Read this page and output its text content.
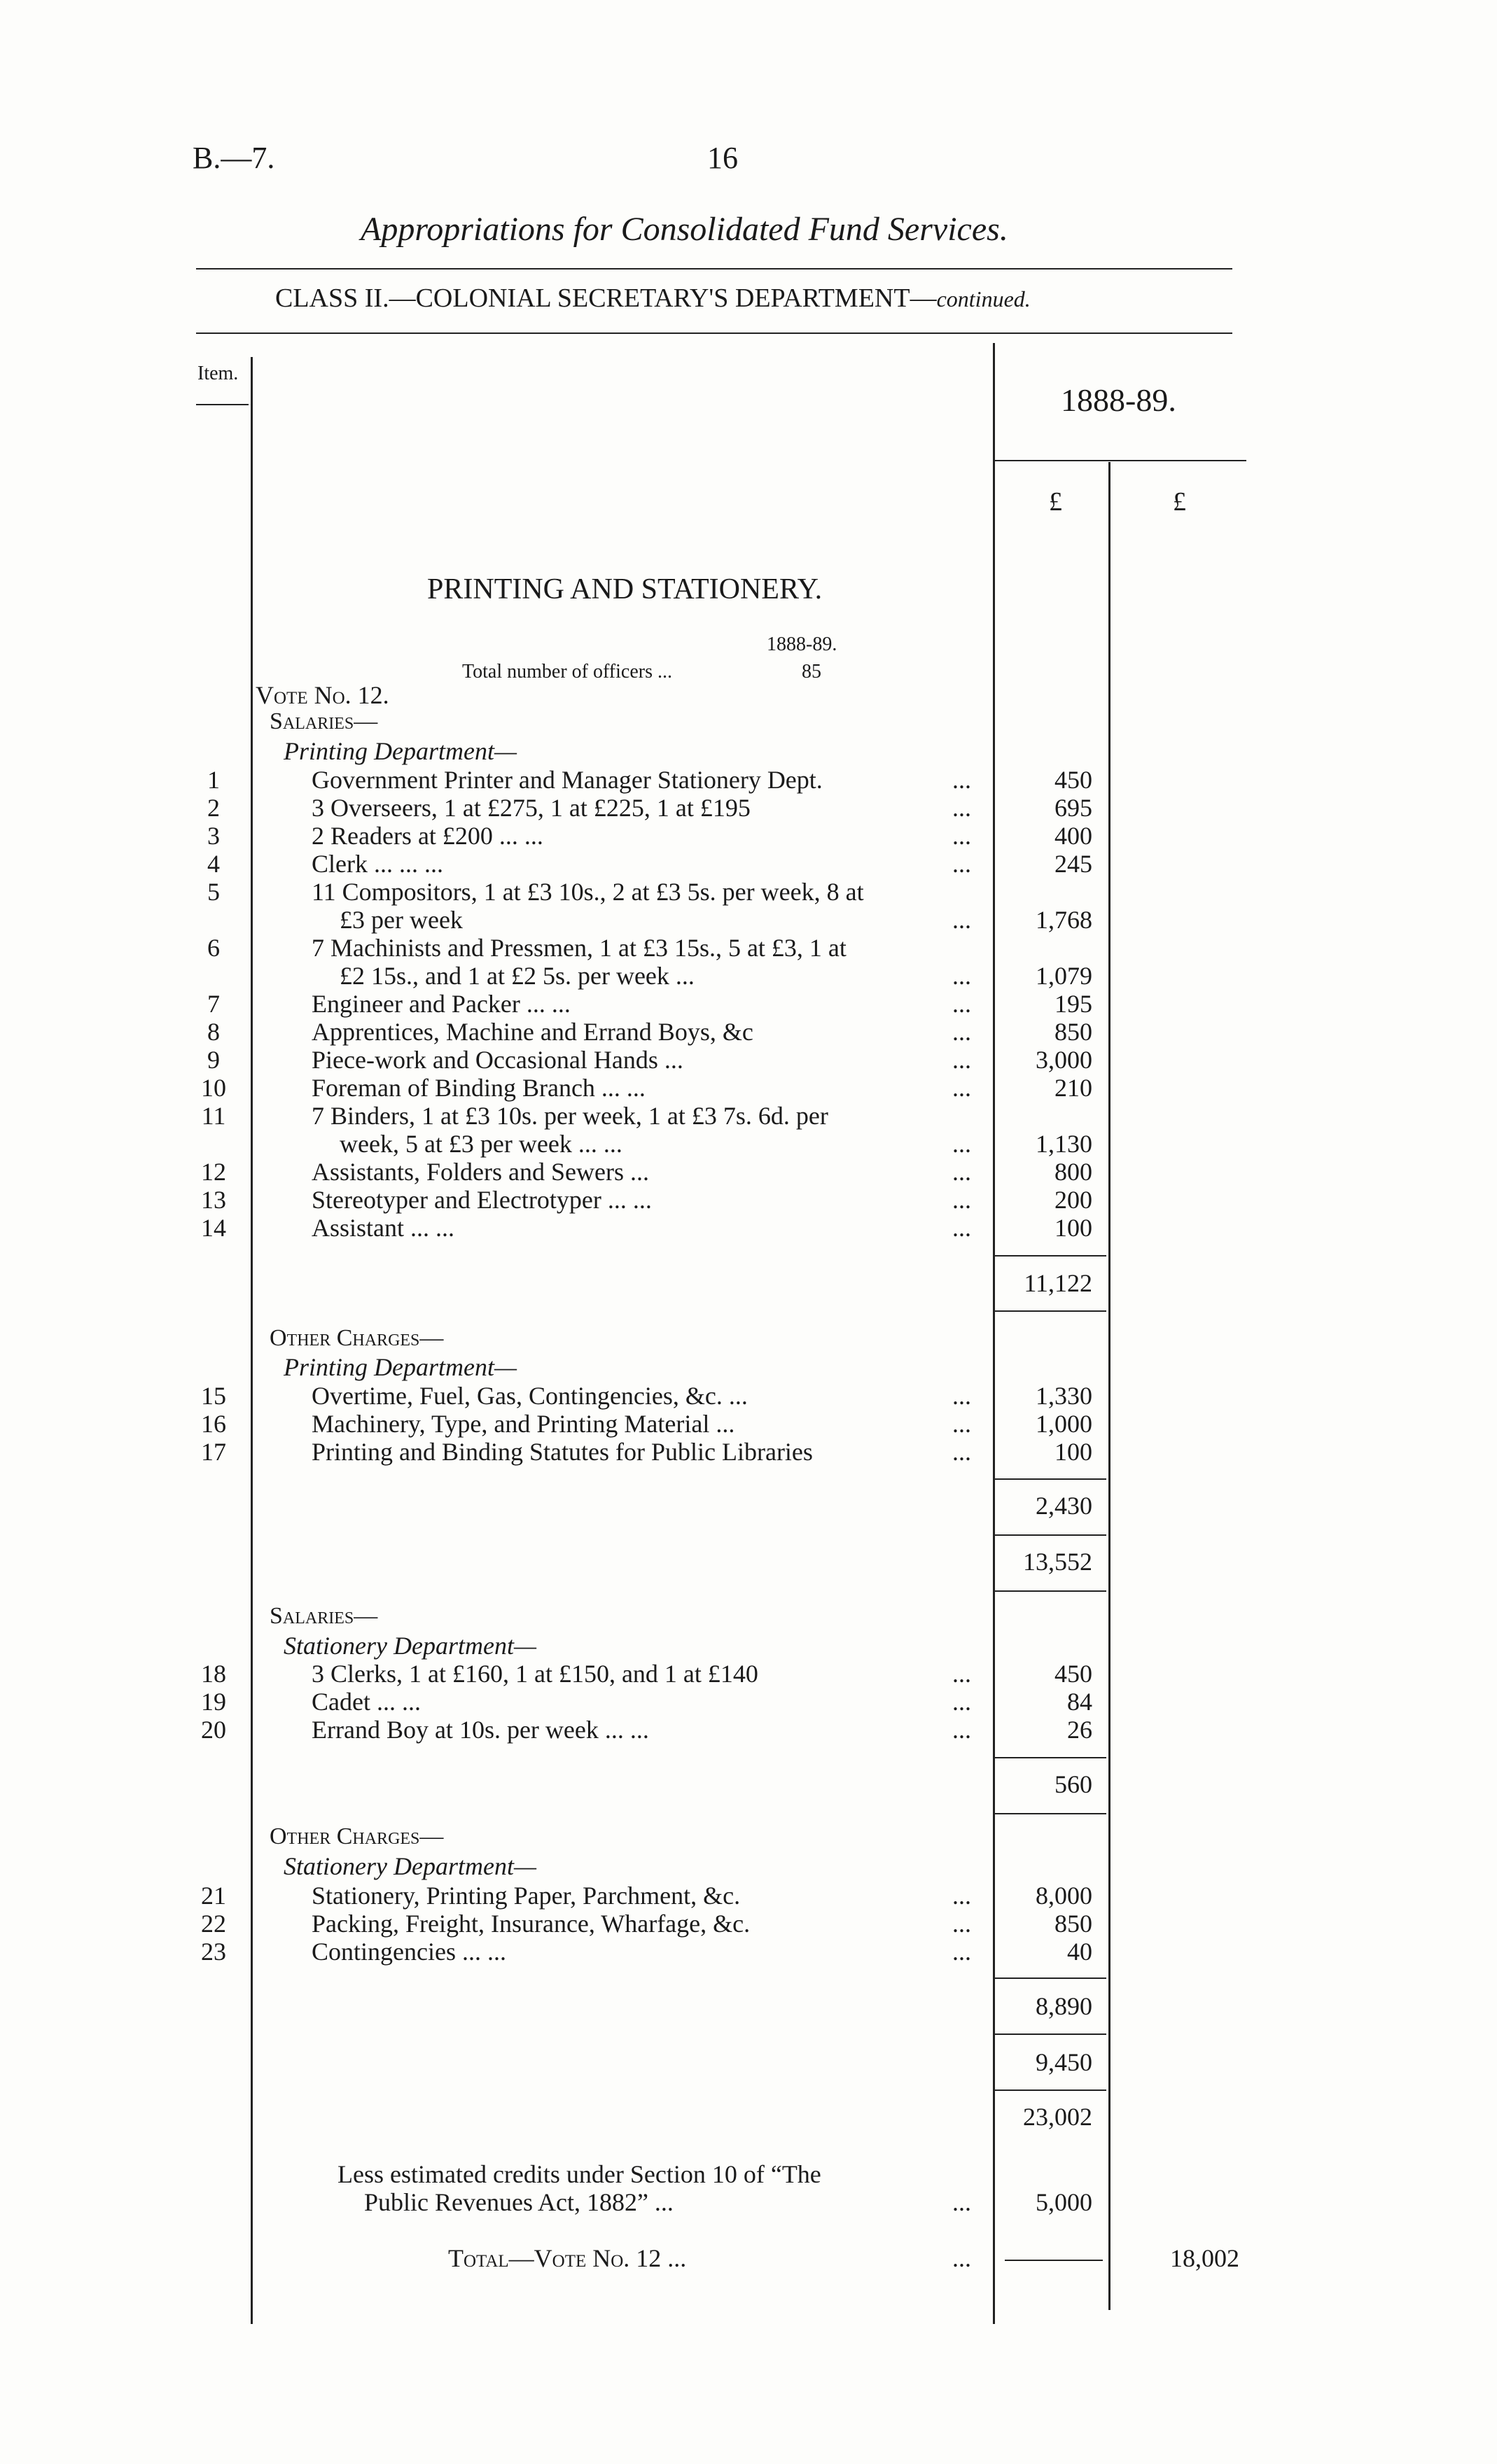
B.—7.	16
Appropriations for Consolidated Fund Services.
CLASS II.—COLONIAL SECRETARY'S DEPARTMENT—continued.
Item.
1888-89.
£	£
PRINTING AND STATIONERY.
1888-89.
Total number of officers ...	85
Vote No. 12.
Salaries—
Printing Department—
1	Government Printer and Manager Stationery Dept.	...	450
2	3 Overseers, 1 at £275, 1 at £225, 1 at £195	...	695
3	2 Readers at £200 ... ...	...	400
4	Clerk ... ... ...	...	245
5	11 Compositors, 1 at £3 10s., 2 at £3 5s. per week, 8 at
£3 per week	...	1,768
6	7 Machinists and Pressmen, 1 at £3 15s., 5 at £3, 1 at
£2 15s., and 1 at £2 5s. per week ...	...	1,079
7	Engineer and Packer ... ...	...	195
8	Apprentices, Machine and Errand Boys, &c	...	850
9	Piece-work and Occasional Hands ...	...	3,000
10	Foreman of Binding Branch ... ...	...	210
11	7 Binders, 1 at £3 10s. per week, 1 at £3 7s. 6d. per
week, 5 at £3 per week ... ...	...	1,130
12	Assistants, Folders and Sewers ...	...	800
13	Stereotyper and Electrotyper ... ...	...	200
14	Assistant ... ...	...	100
11,122
Other Charges—
Printing Department—
15	Overtime, Fuel, Gas, Contingencies, &c. ...	...	1,330
16	Machinery, Type, and Printing Material ...	...	1,000
17	Printing and Binding Statutes for Public Libraries	...	100
2,430
13,552
Salaries—
Stationery Department—
18	3 Clerks, 1 at £160, 1 at £150, and 1 at £140	...	450
19	Cadet ... ...	...	84
20	Errand Boy at 10s. per week ... ...	...	26
560
Other Charges—
Stationery Department—
21	Stationery, Printing Paper, Parchment, &c.	...	8,000
22	Packing, Freight, Insurance, Wharfage, &c.	...	850
23	Contingencies ... ...	...	40
8,890
9,450
23,002
Less estimated credits under Section 10 of “The
Public Revenues Act, 1882” ...	...	5,000
Total—Vote No. 12 ...	...	18,002
